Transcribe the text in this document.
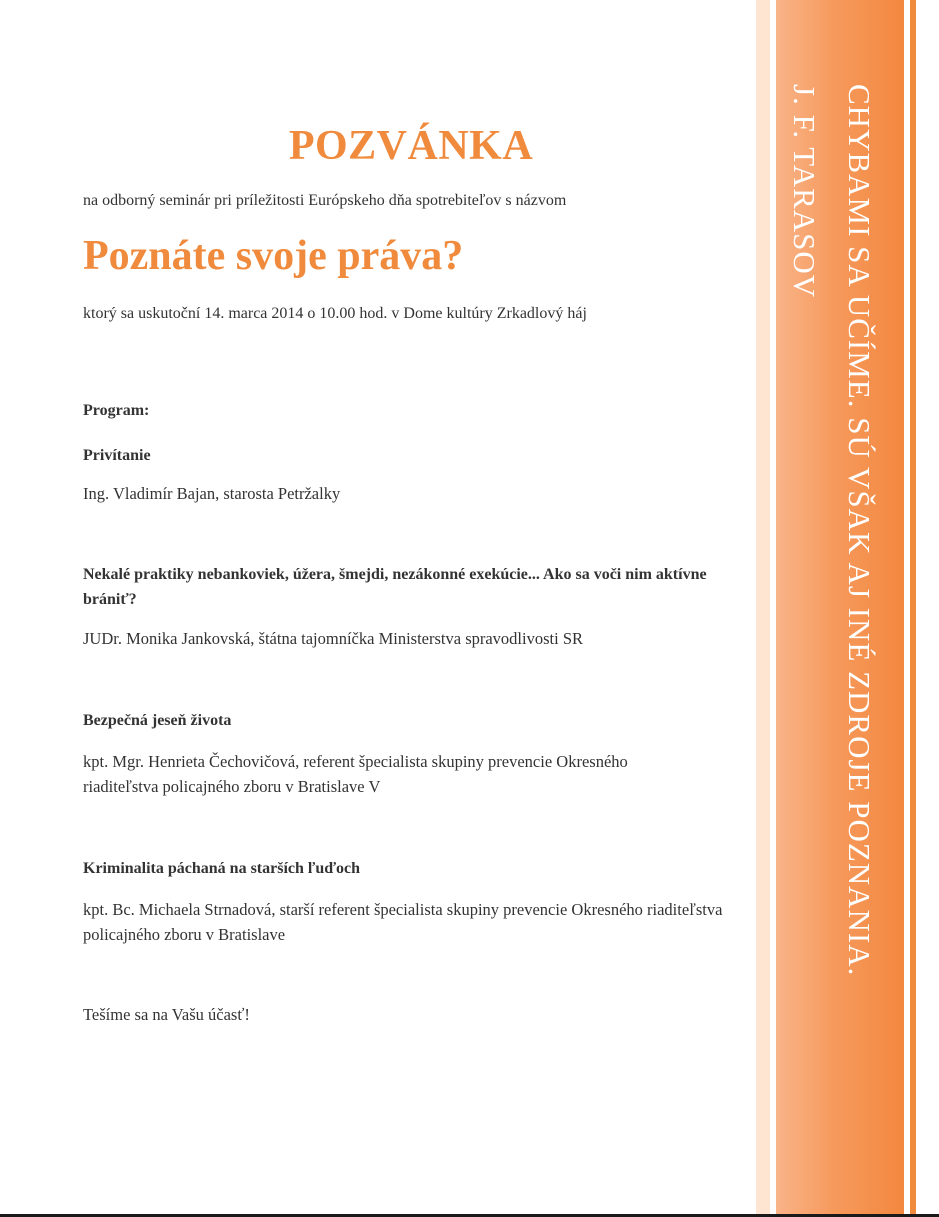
POZVÁNKA
na odborný seminár pri príležitosti Európskeho dňa spotrebiteľov s názvom
Poznáte svoje práva?
ktorý sa uskutoční 14. marca 2014 o 10.00 hod. v Dome kultúry Zrkadlový háj
Program:
Privítanie
Ing. Vladimír Bajan, starosta Petržalky
Nekalé praktiky nebankoviek, úžera, šmejdi, nezákonné exekúcie... Ako sa voči nim aktívne brániť?
JUDr. Monika Jankovská, štátna tajomníčka Ministerstva spravodlivosti SR
Bezpečná jeseň života
kpt. Mgr. Henrieta Čechovičová, referent špecialista skupiny prevencie Okresného riaditeľstva policajného zboru v Bratislave V
Kriminalita páchaná na starších ľuďoch
kpt. Bc. Michaela Strnadová, starší referent špecialista skupiny prevencie Okresného riaditeľstva policajného zboru v Bratislave
Tešíme sa na Vašu účasť!
CHYBAMI SA UČÍME. SÚ VŠAK AJ INÉ ZDROJE POZNANIA.
J. F. TARASOV
